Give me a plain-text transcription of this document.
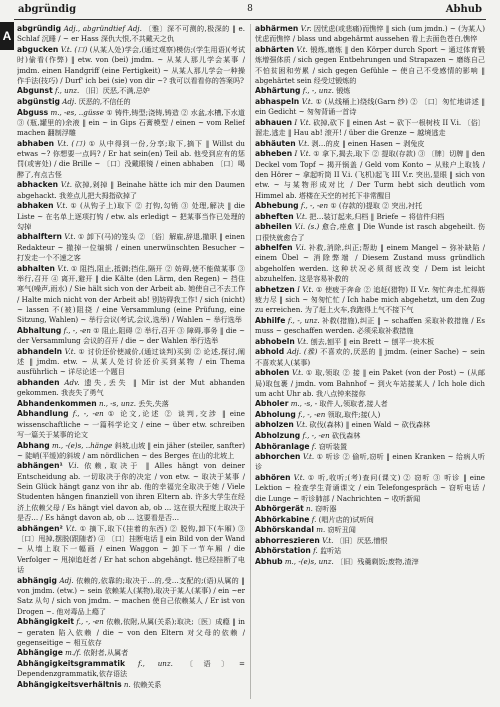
abgründig	8	Abhub
A

abgründig Adj., abgründtief Adj. 〔雅〕深不可测的,极深的 ‖ e. Schlaf 沉睡 / ~ er Hass 深仇大恨,不共戴天之仇

abgucken V.t. (口) (从某人处)学会,(通过观察)模仿;(学生用语)(考试时)偷看(作弊) ‖ etw. von (bei) jmdm. ~ 从某人那儿学会某事 / jmdm. einen Handgriff (eine Fertigkeit) ~ 从某人那儿学会一种操作手法(技巧) / Durf' ich bei (sie) von dir ~? 我可以看看你的答案吗?

Abgunst f., unz. 〔旧〕厌恶,不满,忌妒

abgünstig Adj. 厌恶的,不信任的

Abguss m., -es, ..güsse ① 铸件,铸型;浇铸,铸造 ② 水盆,水槽,下水道 ③ (瓶,罐里的)余液 ‖ ein ~ in Gips 石膏模型 / einen ~ vom Relief machen 翻制浮雕

abhaben V.t. (口) ① 从中得到一份,分享;取下,摘下 ‖ Willst du etwas ~? 你想要一点吗? / Er hat sein(en) Teil ab. 他受到应有的惩罚(或害处) / die Brille ~ 〔口〕没戴眼镜 / einen abhaben 〔口〕喝醉了,有点古怪

abhacken V.t. 砍掉,剁掉 ‖ Beinahe hätte ich mir den Daumen abgehackt. 我差点儿把大拇指砍掉了

abhaken V.t. ① (从钩子上)取下 ② 打钩,勾销 ③ 处理,解决 ‖ die Liste ~ 在名单上逐项打钩 / etw. als erledigt ~ 把某事当作已处理的勾掉

abhalftern V.t. ① 卸下(马)的笼头 ② 〔俗〕解雇,辞退,撤职 ‖ einen Redakteur ~ 撤掉一位编辑 / einen unerwünschten Besucher ~ 打发走一个不速之客

abhalten V.t. ① 阻挡,阻止,抵御;挡住,隔开 ② 妨碍,使不能做某事 ③ 举行,召开 ④ 离开,避开 ‖ die Kälte (den Lärm, den Regen) ~ 挡住寒气(噪声,雨水) / Sie hält sich von der Arbeit ab. 她使自己不去工作 / Halte mich nicht von der Arbeit ab! 别妨碍我工作! / sich (nicht) ~ lassen 不(被)阻挠 / eine Versammlung (eine Prüfung, eine Sitzung, Wahlen) ~ 举行会议(考试,会议,选举) / Wahlen ~ 举行选举

Abhaltung f., -, -en ① 阻止,阻碍 ② 举行,召开 ③ 障碍,事务 ‖ die ~ der Versammlung 会议的召开 / die ~ der Wahlen 举行选举

abhandeln V.t. ① 讨价还价使减价,(通过谈判)买到 ② 论述,探讨,阐述 ‖ jmdm. etw. ~ 从某人处讨价还价买到某物 / ein Thema ausführlich ~ 详尽论述一个题目

abhanden Adv. 遗失,丢失 ‖ Mir ist der Mut abhanden gekommen. 我丧失了勇气

Abhandenkommen n., -s, unz. 丢失,失落

Abhandlung f., -, -en ① 论文,论述 ② 谈判,交涉 ‖ eine wissenschaftliche ~ 一篇科学论文 / eine ~ über etw. schreiben 写一篇关于某事的论文

Abhang m., -(e)s, ..hänge 斜坡,山坡 ‖ ein jäher (steiler, sanfter) ~ 陡峭(平缓)的斜坡 / am nördlichen ~ des Berges 在山的北坡上

abhängen¹ V.i. 依赖,取决于 ‖ Alles hängt von deiner Entscheidung ab. 一切取决于你的决定 / von etw. ~ 取决于某事 / Sein Glück hängt ganz von ihr ab. 他的幸福完全取决于她 / Viele Studenten hängen finanziell von ihren Eltern ab. 许多大学生在经济上依赖父母 / Es hängt viel davon ab, ob ... 这在很大程度上取决于是否… / Es hängt davon ab, ob ... 这要看是否…

abhängen² V.t. ① 摘下,取下(挂着的东西) ② 脱钩,卸下(车厢) ③ 〔口〕甩掉,摆脱(跟随者) ④ 〔口〕挂断电话 ‖ ein Bild von der Wand ~ 从墙上取下一幅画 / einen Waggon ~ 卸下一节车厢 / die Verfolger ~ 甩掉追赶者 / Er hat schon abgehängt. 他已经挂断了电话

abhängig Adj. 依赖的,依靠的;取决于…的,受…支配的;(语)从属的 ‖ von jmdm. (etw.) ~ sein 依赖某人(某物),取决于某人(某事) / ein ~er Satz 从句 / sich von jmdm. ~ machen 使自己依赖某人 / Er ist von Drogen ~. 他对毒品上瘾了

Abhängigkeit f., -, -en 依赖,依附,从属(关系);取决;〔医〕成瘾 ‖ in ~ geraten 陷入依赖 / die ~ von den Eltern 对父母的依赖 / gegenseitige ~ 相互依存

Abhängige m./f. 依附者,从属者

Abhängigkeitsgrammatik f., unz. 〔语〕= Dependenzgrammatik,依存语法

Abhängigkeitsverhältnis n. 依赖关系

abhärmen V.r. 因忧虑(或悲痛)而憔悴 ‖ sich (um jmdn.) ~ (为某人)忧虑而憔悴 / blass und abgehärmt aussehen 看上去面色苍白,憔悴

abhärten V.t. 锻炼,磨炼 ‖ den Körper durch Sport ~ 通过体育锻炼增强体质 / sich gegen Entbehrungen und Strapazen ~ 磨练自己不怕贫困和劳累 / sich gegen Gefühle ~ 使自己不受感情的影响 ‖ abgehärtet sein 经受过锻炼的

Abhärtung f., -, unz. 锻炼

abhaspeln V.t. ① (从线桶上)绕线(Garn 纱) ② 〔口〕匆忙地讲述 ‖ ein Gedicht ~ 匆匆背诵一首诗

abhauen I V.t. 砍掉,砍下 ‖ einen Ast ~ 砍下一根树枝 II V.i. 〔俗〕溜走,逃走 ‖ Hau ab! 滚开! / über die Grenze ~ 越境逃走

abhäuten V.t. 剥…的皮 ‖ einen Hasen ~ 剥兔皮

abheben I V.t. ① 拿下,揭去,取下 ② 提取(存款) ③ 〔牌〕切牌 ‖ den Deckel vom Topf ~ 揭开锅盖 / Geld vom Konto ~ 从账户上取钱 / den Hörer ~ 拿起听筒 II V.i. (飞机)起飞 III V.r. 突出,显眼 ‖ sich von etw. ~ 与某物形成对比 / Der Turm hebt sich deutlich vom Himmel ab. 塔楼在天空的衬托下非常醒目

Abhebung f., -, -en ① (存款的)提取 ② 突出,衬托

abheften V.t. 把…装订起来,归档 ‖ Briefe ~ 将信件归档

abheilen V.i. (s.) 愈合,痊愈 ‖ Die Wunde ist rasch abgeheilt. 伤口很快就愈合了

abhelfen V.i. 补救,消除,纠正;帮助 ‖ einem Mangel ~ 弥补缺陷 / einem Übel ~ 消除弊端 / Diesem Zustand muss gründlich abgeholfen werden. 这种状况必须彻底改变 / Dem ist leicht abzuhelfen. 这是容易补救的

abhetzen I V.t. ① 使疲于奔命 ② 追赶(猎物) II V.r. 匆忙奔走,忙得筋疲力尽 ‖ sich ~ 匆匆忙忙 / Ich habe mich abgehetzt, um den Zug zu erreichen. 为了赶上火车,我跑得上气不接下气

Abhilfe f., -, unz. 补救(措施),纠正 ‖ ~ schaffen 采取补救措施 / Es muss ~ geschaffen werden. 必须采取补救措施

abhobeln V.t. 刨去,刨平 ‖ ein Brett ~ 刨平一块木板

abhold Adj. (雅) 不喜欢的,厌恶的 ‖ jmdm. (einer Sache) ~ sein 不喜欢某人(某事)

abholen V.t. ① 取,领取 ② 接 ‖ ein Paket (von der Post) ~ (从邮局)取包裹 / jmdn. vom Bahnhof ~ 到火车站接某人 / Ich hole dich um acht Uhr ab. 我八点钟来接你

Abholer m., -s, - 取件人,领取者,接人者

Abholung f., -, -en 领取,取件;接(人)

abholzen V.t. 砍伐(森林) ‖ einen Wald ~ 砍伐森林

Abholzung f., -, -en 砍伐森林

Abhöranlage f. 窃听装置

abhorchen V.t. ① 听诊 ② 偷听,窃听 ‖ einen Kranken ~ 给病人听诊

abhören V.t. ① 听,收听;(考)查问(课文) ② 窃听 ③ 听诊 ‖ eine Lektion ~ 检查学生背诵课文 / ein Telefongespräch ~ 窃听电话 / die Lunge ~ 听诊肺部 / Nachrichten ~ 收听新闻

Abhörgerät n. 窃听器

Abhörkabine f. (唱片店的)试听间

Abhörskandal m. 窃听丑闻

abhorreszieren V.t. 〔旧〕厌恶,憎恨

Abhörstation f. 监听站

Abhub m., -(e)s, unz. 〔旧〕残羹剩饭;废物,渣滓
